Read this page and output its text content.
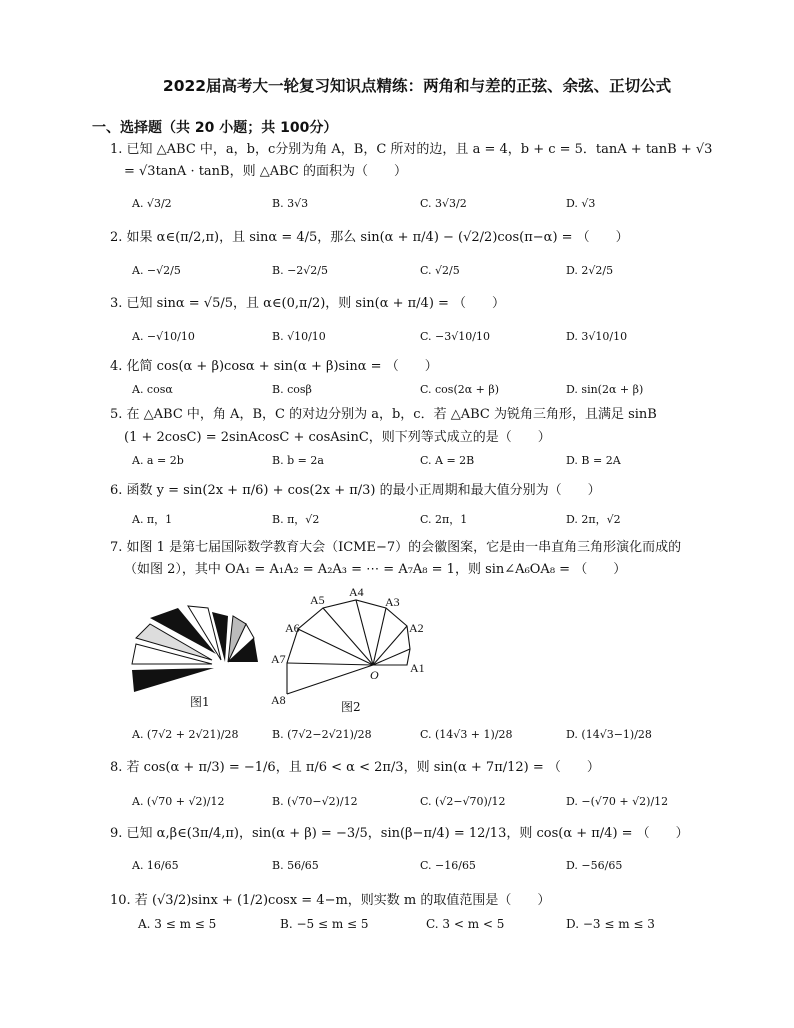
2022届高考大一轮复习知识点精练：两角和与差的正弦、余弦、正切公式
一、选择题（共 20 小题；共 100分）
1. 已知 △ABC 中，a，b，c分别为角 A，B，C 所对的边，且 a = 4，b + c = 5．tanA + tanB + √3
= √3tanA · tanB，则 △ABC 的面积为（　　）
A. √3/2	B. 3√3	C. 3√3/2	D. √3
2. 如果 α∈(π/2,π)，且 sinα = 4/5，那么 sin(α + π/4) − (√2/2)cos(π−α) = （　　）
A. −√2/5	B. −2√2/5	C. √2/5	D. 2√2/5
3. 已知 sinα = √5/5，且 α∈(0,π/2)，则 sin(α + π/4) = （　　）
A. −√10/10	B. √10/10	C. −3√10/10	D. 3√10/10
4. 化简 cos(α + β)cosα + sin(α + β)sinα = （　　）
A. cosα	B. cosβ	C. cos(2α + β)	D. sin(2α + β)
5. 在 △ABC 中，角 A，B，C 的对边分别为 a，b，c．若 △ABC 为锐角三角形，且满足 sinB
(1 + 2cosC) = 2sinAcosC + cosAsinC，则下列等式成立的是（　　）
A. a = 2b	B. b = 2a	C. A = 2B	D. B = 2A
6. 函数 y = sin(2x + π/6) + cos(2x + π/3) 的最小正周期和最大值分别为（　　）
A. π，1	B. π，√2	C. 2π，1	D. 2π，√2
7. 如图 1 是第七届国际数学教育大会（ICME−7）的会徽图案，它是由一串直角三角形演化而成的
（如图 2），其中 OA₁ = A₁A₂ = A₂A₃ = ⋯ = A₇A₈ = 1，则 sin∠A₆OA₈ = （　　）
图1
A5
A4
A3
A2
A1
A6
A7
A8
O
图2
A. (7√2 + 2√21)/28	B. (7√2−2√21)/28	C. (14√3 + 1)/28	D. (14√3−1)/28
8. 若 cos(α + π/3) = −1/6，且 π/6 < α < 2π/3，则 sin(α + 7π/12) = （　　）
A. (√70 + √2)/12	B. (√70−√2)/12	C. (√2−√70)/12	D. −(√70 + √2)/12
9. 已知 α,β∈(3π/4,π)，sin(α + β) = −3/5，sin(β−π/4) = 12/13，则 cos(α + π/4) = （　　）
A. 16/65	B. 56/65	C. −16/65	D. −56/65
10. 若 (√3/2)sinx + (1/2)cosx = 4−m，则实数 m 的取值范围是（　　）
A. 3 ≤ m ≤ 5	B. −5 ≤ m ≤ 5	C. 3 < m < 5	D. −3 ≤ m ≤ 3
